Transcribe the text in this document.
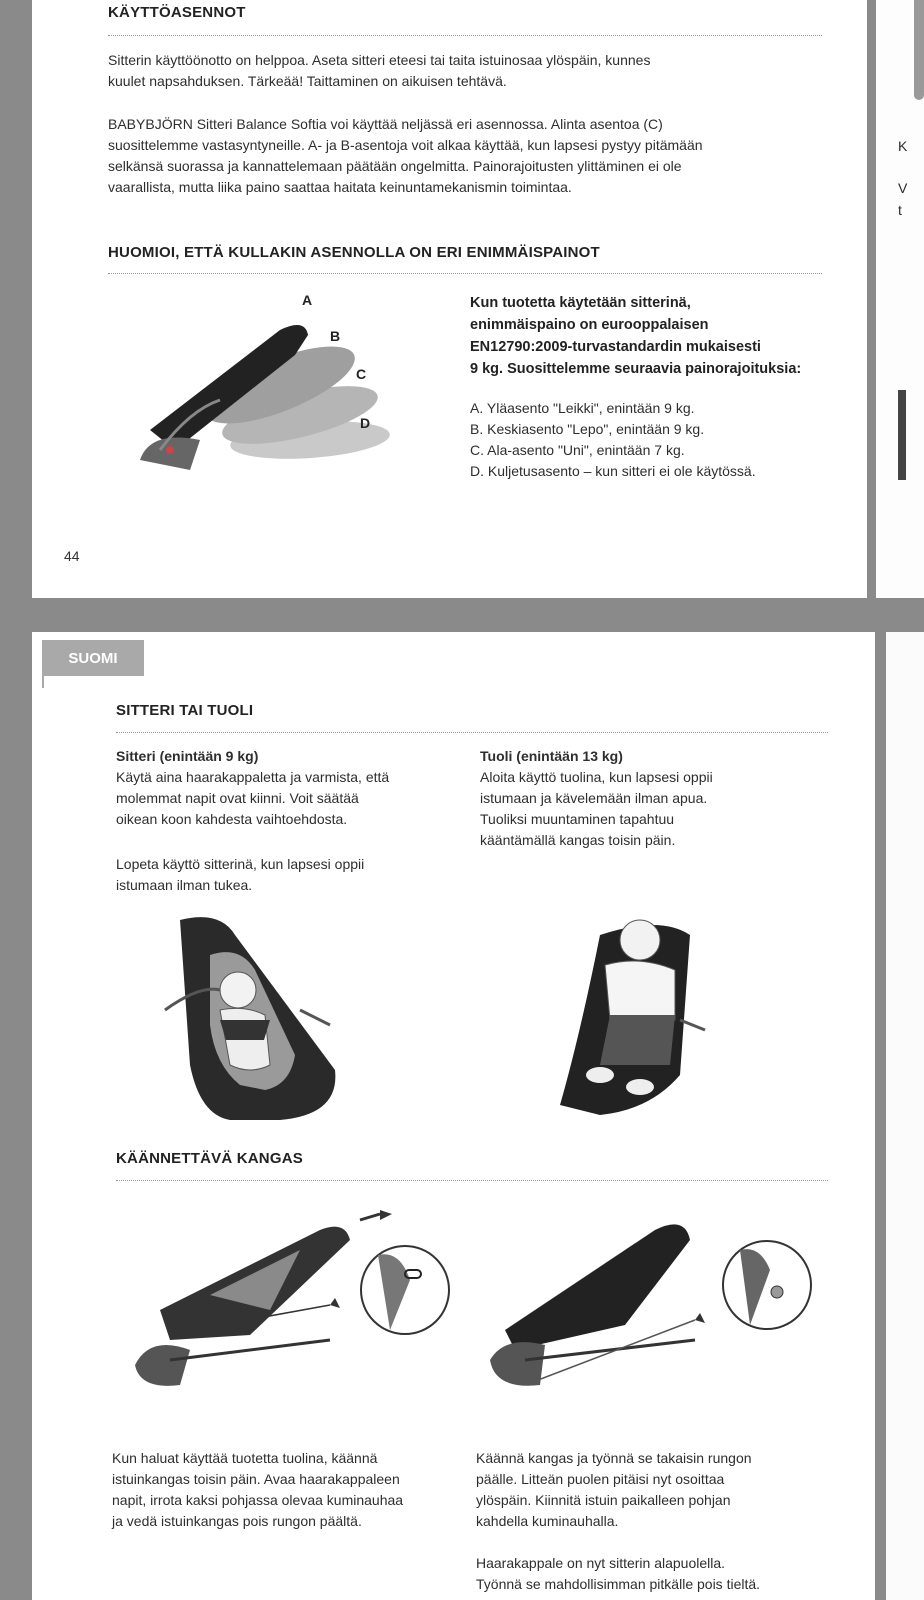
K
V
t
KÄYTTÖASENNOT
Sitterin käyttöönotto on helppoa. Aseta sitteri eteesi tai taita istuinosaa ylöspäin, kunnes
kuulet napsahduksen. Tärkeää! Taittaminen on aikuisen tehtävä.
BABYBJÖRN Sitteri Balance Softia voi käyttää neljässä eri asennossa. Alinta asentoa (C)
suosittelemme vastasyntyneille. A- ja B-asentoja voit alkaa käyttää, kun lapsesi pystyy pitämään
selkänsä suorassa ja kannattelemaan päätään ongelmitta. Painorajoitusten ylittäminen ei ole
vaarallista, mutta liika paino saattaa haitata keinuntamekanismin toimintaa.
HUOMIOI, ETTÄ KULLAKIN ASENNOLLA ON ERI ENIMMÄISPAINOT
A
B
C
D
Kun tuotetta käytetään sitterinä,
enimmäispaino on eurooppalaisen
EN12790:2009-turvastandardin mukaisesti
9 kg. Suosittelemme seuraavia painorajoituksia:
A. Yläasento "Leikki", enintään 9 kg.
B. Keskiasento "Lepo", enintään 9 kg.
C. Ala-asento "Uni", enintään 7 kg.
D. Kuljetusasento – kun sitteri ei ole käytössä.
44
SUOMI
SITTERI TAI TUOLI
Sitteri (enintään 9 kg)
Käytä aina haarakappaletta ja varmista, että
molemmat napit ovat kiinni. Voit säätää
oikean koon kahdesta vaihtoehdosta.
Lopeta käyttö sitterinä, kun lapsesi oppii
istumaan ilman tukea.
Tuoli (enintään 13 kg)
Aloita käyttö tuolina, kun lapsesi oppii
istumaan ja kävelemään ilman apua.
Tuoliksi muuntaminen tapahtuu
kääntämällä kangas toisin päin.
KÄÄNNETTÄVÄ KANGAS
Kun haluat käyttää tuotetta tuolina, käännä
istuinkangas toisin päin. Avaa haarakappaleen
napit, irrota kaksi pohjassa olevaa kuminauhaa
ja vedä istuinkangas pois rungon päältä.
Käännä kangas ja työnnä se takaisin rungon
päälle. Litteän puolen pitäisi nyt osoittaa
ylöspäin. Kiinnitä istuin paikalleen pohjan
kahdella kuminauhalla.
Haarakappale on nyt sitterin alapuolella.
Työnnä se mahdollisimman pitkälle pois tieltä.
